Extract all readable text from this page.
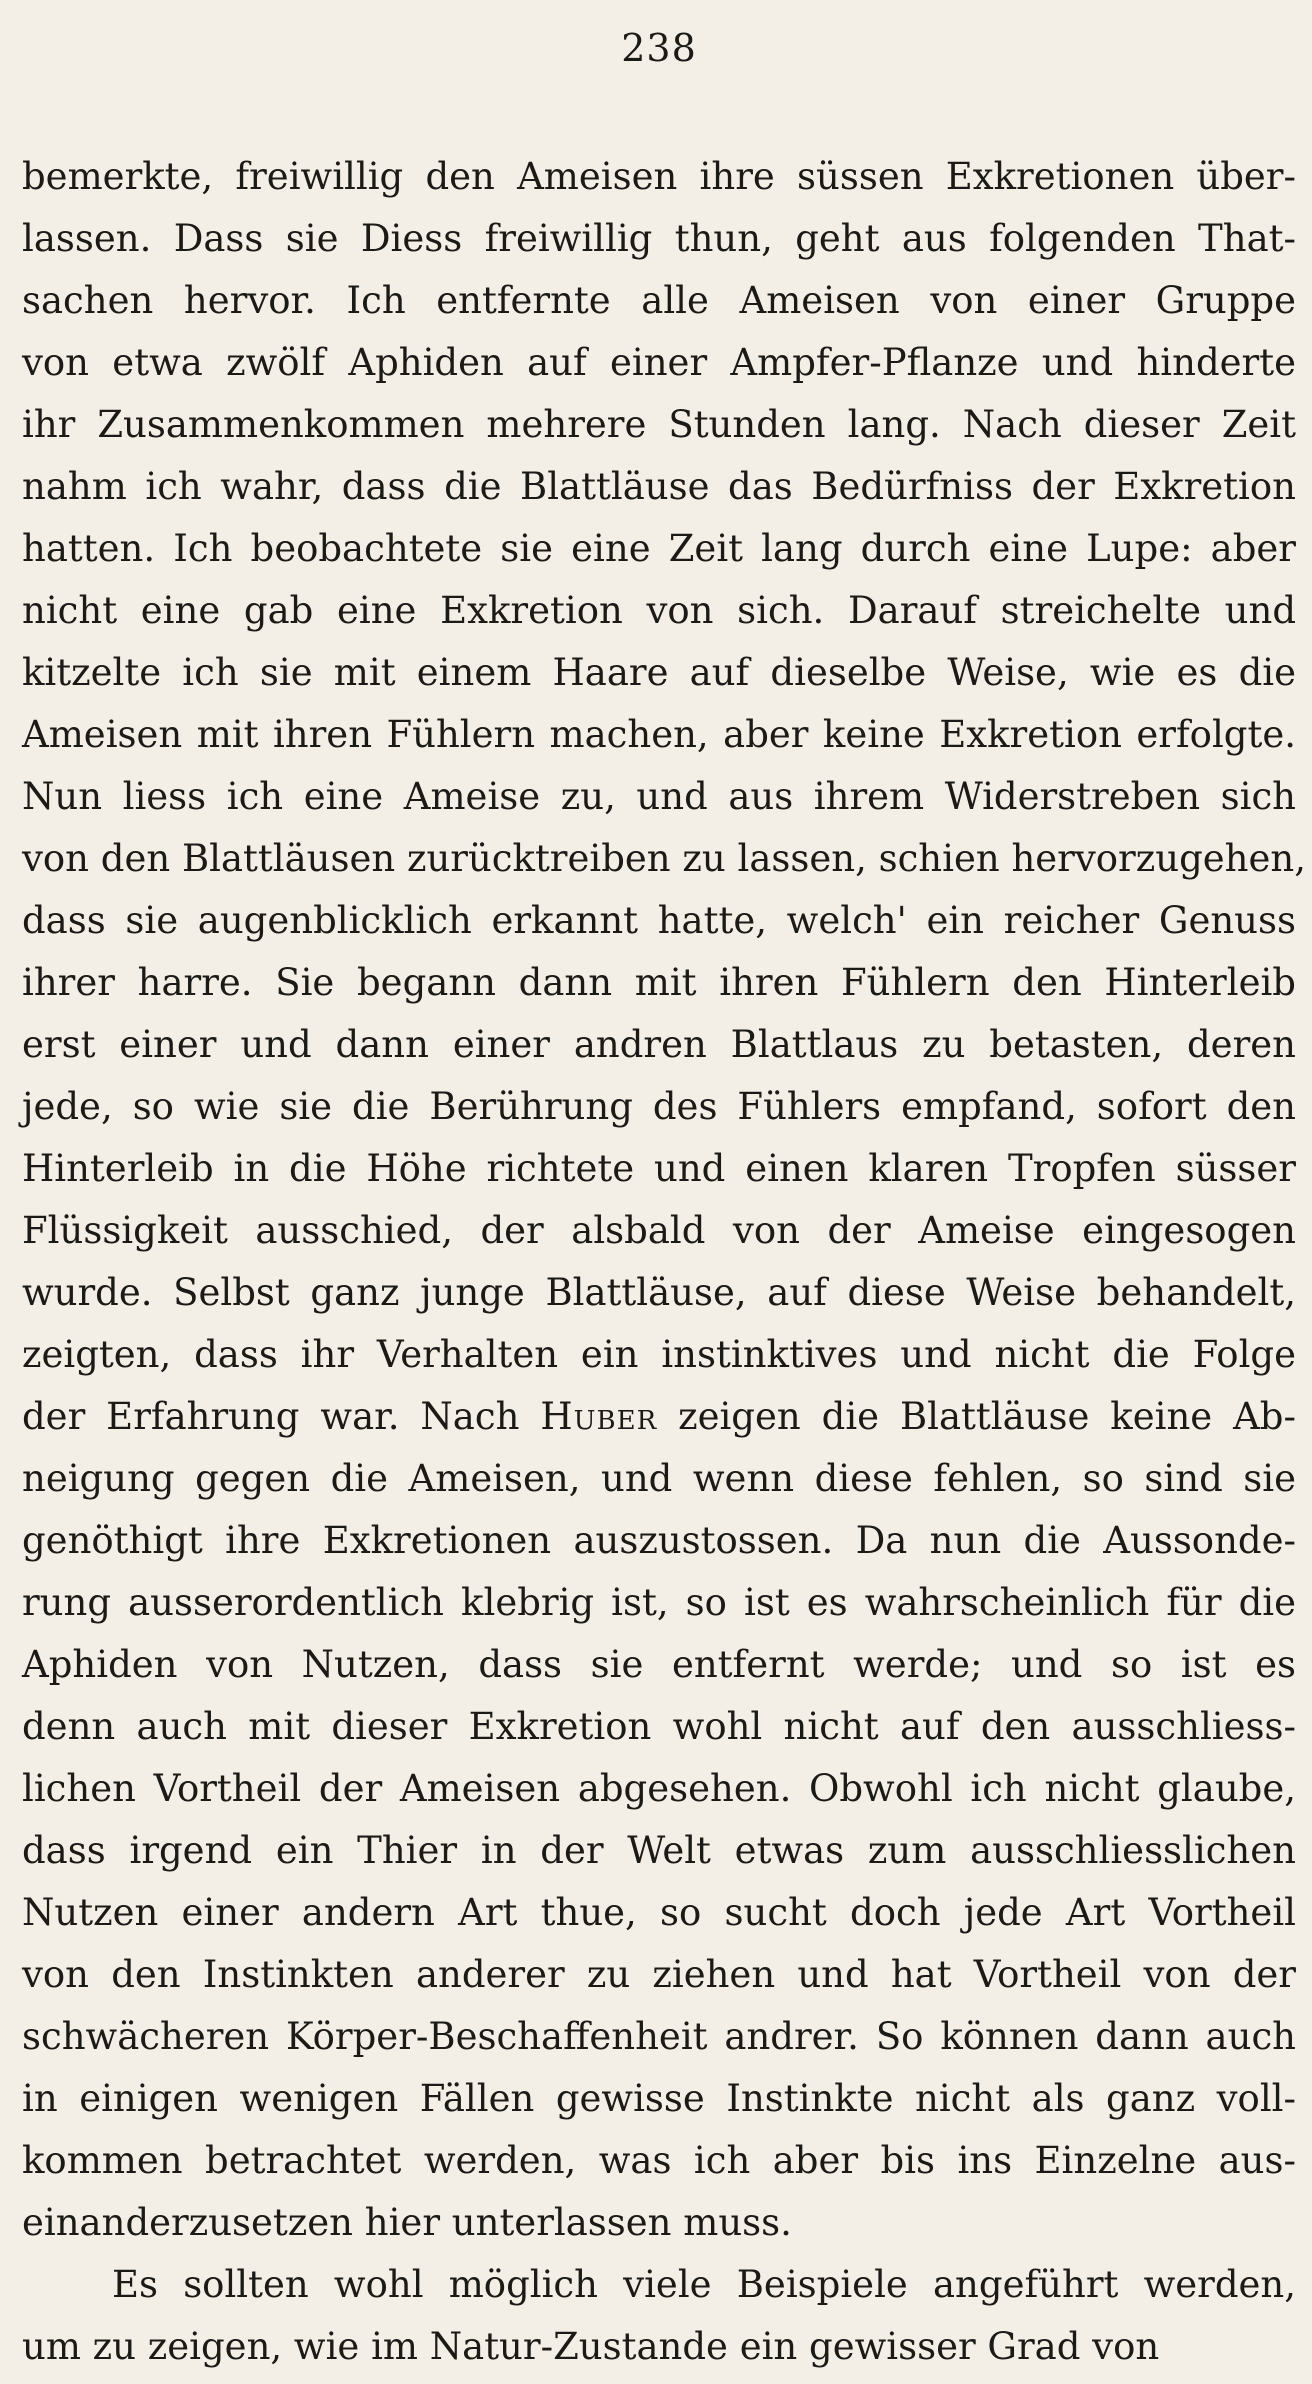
238
bemerkte, freiwillig den Ameisen ihre süssen Exkretionen über-
lassen. Dass sie Diess freiwillig thun, geht aus folgenden That-
sachen hervor. Ich entfernte alle Ameisen von einer Gruppe
von etwa zwölf Aphiden auf einer Ampfer-Pflanze und hinderte
ihr Zusammenkommen mehrere Stunden lang. Nach dieser Zeit
nahm ich wahr, dass die Blattläuse das Bedürfniss der Exkretion
hatten. Ich beobachtete sie eine Zeit lang durch eine Lupe: aber
nicht eine gab eine Exkretion von sich. Darauf streichelte und
kitzelte ich sie mit einem Haare auf dieselbe Weise, wie es die
Ameisen mit ihren Fühlern machen, aber keine Exkretion erfolgte.
Nun liess ich eine Ameise zu, und aus ihrem Widerstreben sich
von den Blattläusen zurücktreiben zu lassen, schien hervorzugehen,
dass sie augenblicklich erkannt hatte, welch' ein reicher Genuss
ihrer harre. Sie begann dann mit ihren Fühlern den Hinterleib
erst einer und dann einer andren Blattlaus zu betasten, deren
jede, so wie sie die Berührung des Fühlers empfand, sofort den
Hinterleib in die Höhe richtete und einen klaren Tropfen süsser
Flüssigkeit ausschied, der alsbald von der Ameise eingesogen
wurde. Selbst ganz junge Blattläuse, auf diese Weise behandelt,
zeigten, dass ihr Verhalten ein instinktives und nicht die Folge
der Erfahrung war. Nach Huber zeigen die Blattläuse keine Ab-
neigung gegen die Ameisen, und wenn diese fehlen, so sind sie
genöthigt ihre Exkretionen auszustossen. Da nun die Aussonde-
rung ausserordentlich klebrig ist, so ist es wahrscheinlich für die
Aphiden von Nutzen, dass sie entfernt werde; und so ist es
denn auch mit dieser Exkretion wohl nicht auf den ausschliess-
lichen Vortheil der Ameisen abgesehen. Obwohl ich nicht glaube,
dass irgend ein Thier in der Welt etwas zum ausschliesslichen
Nutzen einer andern Art thue, so sucht doch jede Art Vortheil
von den Instinkten anderer zu ziehen und hat Vortheil von der
schwächeren Körper-Beschaffenheit andrer. So können dann auch
in einigen wenigen Fällen gewisse Instinkte nicht als ganz voll-
kommen betrachtet werden, was ich aber bis ins Einzelne aus-
einanderzusetzen hier unterlassen muss.
Es sollten wohl möglich viele Beispiele angeführt werden,
um zu zeigen, wie im Natur-Zustande ein gewisser Grad von
